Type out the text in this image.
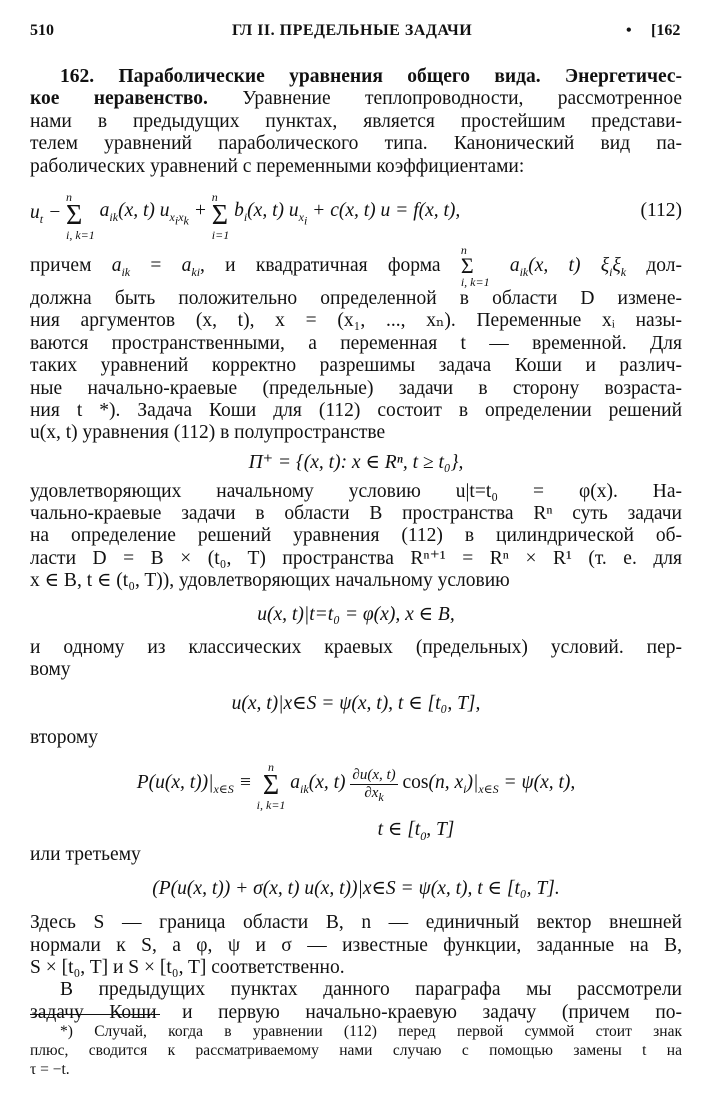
510	ГЛ II. ПРЕДЕЛЬНЫЕ ЗАДАЧИ	• [162
162. Параболические уравнения общего вида. Энергетичес-
кое неравенство. Уравнение теплопроводности, рассмотренное
нами в предыдущих пунктах, является простейшим представи-
телем уравнений параболического типа. Канонический вид па-
раболических уравнений с переменными коэффициентами:
$u_t$ −
n
Σ
i, k=1
$a_{ik}(x$, t) $u_{x_ix_k}$ +
n
Σ
i=1
$b_i(x$, t) $u_{x_i} + c(x$, t) u = f(x, t),	(112)
причем $a_{ik} = a_{ki}$, и квадратичная форма
n
Σ
i, k=1
$a_{ik}(x$, t) $\xi_i\xi_k$ дол-
должна быть положительно определенной в области D измене-
ния аргументов (x, t), x = (x₁, ..., xₙ). Переменные xᵢ назы-
ваются пространственными, а переменная t — временной. Для
таких уравнений корректно разрешимы задача Коши и различ-
ные начально-краевые (предельные) задачи в сторону возраста-
ния t *). Задача Коши для (112) состоит в определении решений
u(x, t) уравнения (112) в полупространстве
Π⁺ = {(x, t): x ∈ Rⁿ, t ≥ t₀},
удовлетворяющих начальному условию u|t=t₀ = φ(x). На-
чально-краевые задачи в области B пространства Rⁿ суть задачи
на определение решений уравнения (112) в цилиндрической об-
ласти D = B × (t₀, T) пространства Rⁿ⁺¹ = Rⁿ × R¹ (т. е. для
x ∈ B, t ∈ (t₀, T)), удовлетворяющих начальному условию
u(x, t)|t=t₀ = φ(x), x ∈ B,
и одному из классических краевых (предельных) условий. пер-
вому
u(x, t)|x∈S = ψ(x, t), t ∈ [t₀, T],
второму
P(u(x, $t))|_{x\in S}$ ≡
n
Σ
i, k=1
$a_{ik}(x$, $t) \frac{\partial u(x, t)}{\partial x_k} \cos(n$, $x_i)|_{x\in S} = \psi(x$, t),
t ∈ [$t_0$, T]
или третьему
(P(u(x, t)) + σ(x, t) u(x, t))|x∈S = ψ(x, t), t ∈ [t₀, T].
Здесь S — граница области B, n — единичный вектор внешней
нормали к S, а φ, ψ и σ — известные функции, заданные на B,
S × [t₀, T] и S × [t₀, T] соответственно.
В предыдущих пунктах данного параграфа мы рассмотрели
задачу Коши и первую начально-краевую задачу (причем по-
*) Случай, когда в уравнении (112) перед первой суммой стоит знак
плюс, сводится к рассматриваемому нами случаю с помощью замены t на
τ = −t.
